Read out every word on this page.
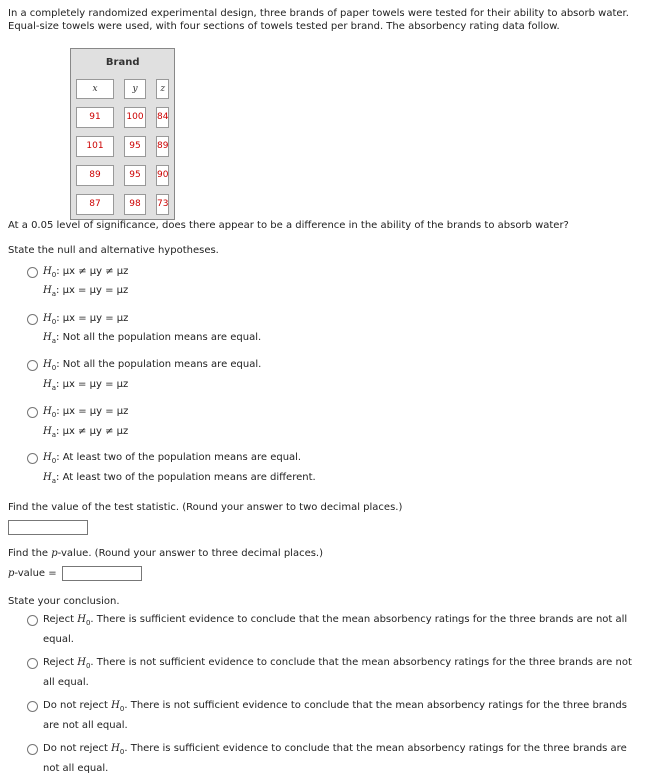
In a completely randomized experimental design, three brands of paper towels were tested for their ability to absorb water. Equal-size towels were used, with four sections of towels tested per brand. The absorbency rating data follow.
Brand		

x	y	z

91	100	84

101	95	89

89	95	90

87	98	73
At a 0.05 level of significance, does there appear to be a difference in the ability of the brands to absorb water?
State the null and alternative hypotheses.
$H_0$: μx ≠ μy ≠ μz
$H_a$: μx = μy = μz
$H_0$: μx = μy = μz
$H_a$: Not all the population means are equal.
$H_0$: Not all the population means are equal.
$H_a$: μx = μy = μz
$H_0$: μx = μy = μz
$H_a$: μx ≠ μy ≠ μz
$H_0$: At least two of the population means are equal.
$H_a$: At least two of the population means are different.
Find the value of the test statistic. (Round your answer to two decimal places.)
Find the p-value. (Round your answer to three decimal places.)
p-value =
State your conclusion.
Reject $H_0$. There is sufficient evidence to conclude that the mean absorbency ratings for the three brands are not all
equal.
Reject $H_0$. There is not sufficient evidence to conclude that the mean absorbency ratings for the three brands are not
all equal.
Do not reject $H_0$. There is not sufficient evidence to conclude that the mean absorbency ratings for the three brands
are not all equal.
Do not reject $H_0$. There is sufficient evidence to conclude that the mean absorbency ratings for the three brands are
not all equal.
